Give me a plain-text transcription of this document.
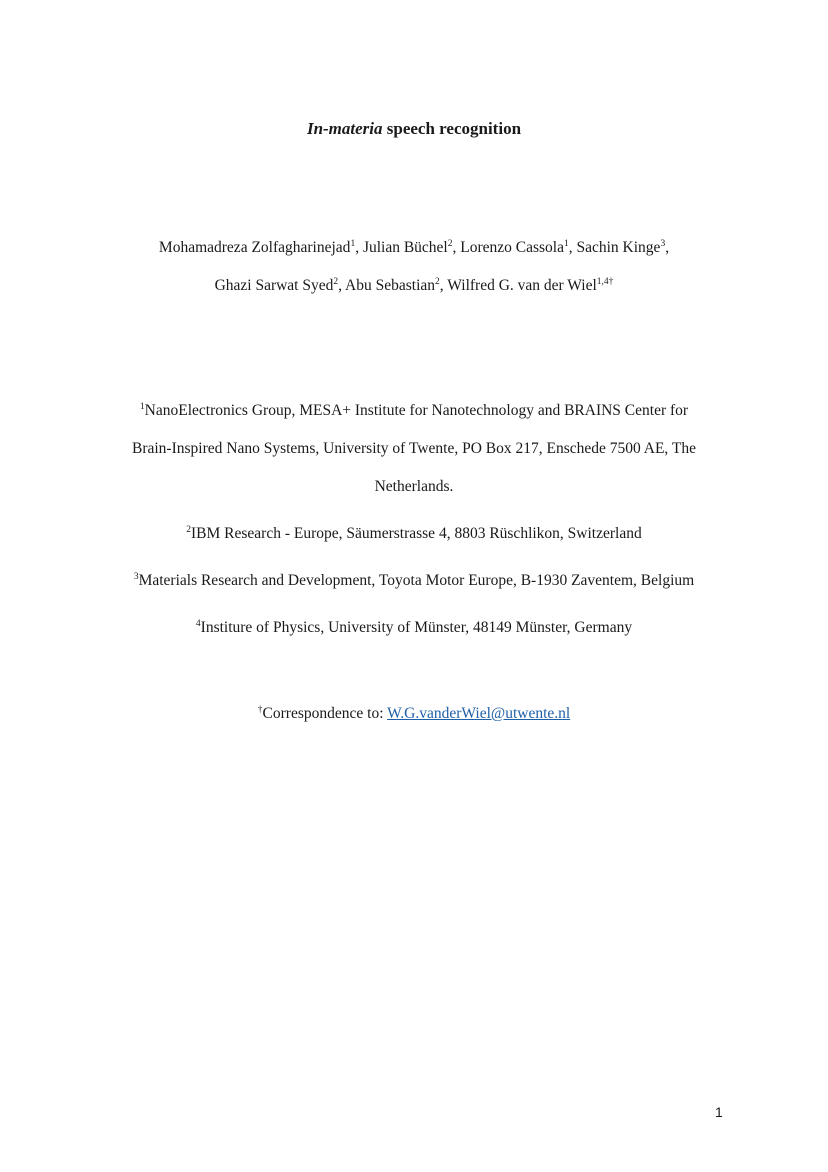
In-materia speech recognition
Mohamadreza Zolfagharinejad$^1$, Julian Büchel$^2$, Lorenzo Cassola$^1$, Sachin Kinge$^3$,
Ghazi Sarwat Syed$^2$, Abu Sebastian$^2$, Wilfred G. van der Wiel$^{1,4\dagger}$
$^1$NanoElectronics Group, MESA+ Institute for Nanotechnology and BRAINS Center for
Brain-Inspired Nano Systems, University of Twente, PO Box 217, Enschede 7500 AE, The
Netherlands.
$^2$IBM Research - Europe, Säumerstrasse 4, 8803 Rüschlikon, Switzerland
$^3$Materials Research and Development, Toyota Motor Europe, B-1930 Zaventem, Belgium
$^4$Institure of Physics, University of Münster, 48149 Münster, Germany
†Correspondence to: W.G.vanderWiel@utwente.nl
1
